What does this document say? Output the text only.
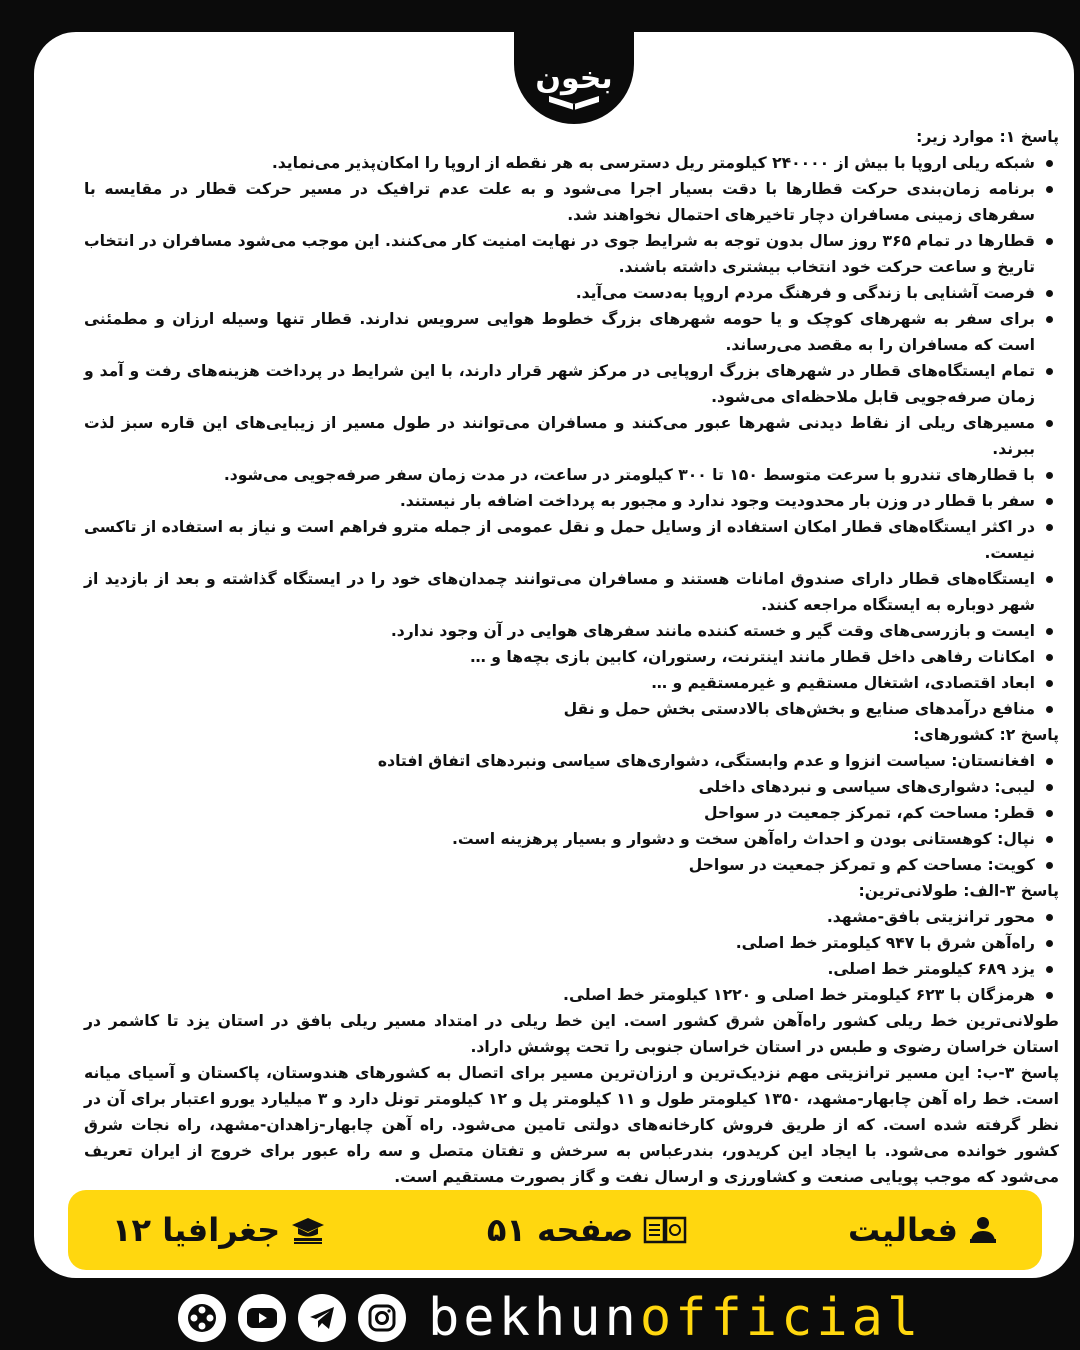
بخون

پاسخ ۱: موارد زیر:

شبکه ریلی اروپا با بیش از ۲۴۰۰۰۰ کیلومتر ریل دسترسی به هر نقطه از اروپا را امکان‌پذیر می‌نماید.
برنامه زمان‌بندی حرکت قطارها با دقت بسیار اجرا می‌شود و به علت عدم ترافیک در مسیر حرکت قطار در مقایسه با سفرهای زمینی مسافران دچار تاخیرهای احتمال نخواهند شد.
قطارها در تمام ۳۶۵ روز سال بدون توجه به شرایط جوی در نهایت امنیت کار می‌کنند. این موجب می‌شود مسافران در انتخاب تاریخ و ساعت حرکت خود انتخاب بیشتری داشته باشند.
فرصت آشنایی با زندگی و فرهنگ مردم اروپا به‌دست می‌آید.
برای سفر به شهرهای کوچک و یا حومه شهرهای بزرگ خطوط هوایی سرویس ندارند. قطار تنها وسیله ارزان و مطمئنی است که مسافران را به مقصد می‌رساند.
تمام ایستگاه‌های قطار در شهرهای بزرگ اروپایی در مرکز شهر قرار دارند، با این شرایط در پرداخت هزینه‌های رفت و آمد و زمان صرفه‌جویی قابل ملاحظه‌ای می‌شود.
مسیرهای ریلی از نقاط دیدنی شهرها عبور می‌کنند و مسافران می‌توانند در طول مسیر از زیبایی‌های این قاره سبز لذت ببرند.
با قطارهای تندرو با سرعت متوسط ۱۵۰ تا ۳۰۰ کیلومتر در ساعت، در مدت زمان سفر صرفه‌جویی می‌شود.
سفر با قطار در وزن بار محدودیت وجود ندارد و مجبور به پرداخت اضافه بار نیستند.
در اکثر ایستگاه‌های قطار امکان استفاده از وسایل حمل و نقل عمومی از جمله مترو فراهم است و نیاز به استفاده از تاکسی نیست.
ایستگاه‌های قطار دارای صندوق امانات هستند و مسافران می‌توانند چمدان‌های خود را در ایستگاه گذاشته و بعد از بازدید از شهر دوباره به ایستگاه مراجعه کنند.
ایست و بازرسی‌های وقت گیر و خسته کننده مانند سفرهای هوایی در آن وجود ندارد.
امکانات رفاهی داخل قطار مانند اینترنت، رستوران، کابین بازی بچه‌ها و …
ابعاد اقتصادی، اشتغال مستقیم و غیرمستقیم و …
منافع درآمدهای صنایع و بخش‌های بالادستی بخش حمل و نقل

پاسخ ۲: کشورهای:

افغانستان: سیاست انزوا و عدم وابستگی، دشواری‌های سیاسی ونبردهای اتفاق افتاده
لیبی: دشواری‌های سیاسی و نبردهای داخلی
قطر: مساحت کم، تمرکز جمعیت در سواحل
نپال: کوهستانی بودن و احداث راه‌آهن سخت و دشوار و بسیار پرهزینه است.
کویت: مساحت کم و تمرکز جمعیت در سواحل

پاسخ ۳-الف: طولانی‌ترین:

محور ترانزیتی بافق-مشهد.
راه‌آهن شرق با ۹۴۷ کیلومتر خط اصلی.
یزد ۶۸۹ کیلومتر خط اصلی.
هرمزگان با ۶۲۳ کیلومتر خط اصلی و ۱۲۲۰ کیلومتر خط اصلی.

طولانی‌ترین خط ریلی کشور راه‌آهن شرق کشور است. این خط ریلی در امتداد مسیر ریلی بافق در استان یزد تا کاشمر در استان خراسان رضوی و طبس در استان خراسان جنوبی را تحت پوشش داراد.

پاسخ ۳-ب: این مسیر ترانزیتی مهم نزدیک‌ترین و ارزان‌ترین مسیر برای اتصال به کشورهای هندوستان، پاکستان و آسیای میانه است. خط راه آهن چابهار-مشهد، ۱۳۵۰ کیلومتر طول و ۱۱ کیلومتر پل و ۱۲ کیلومتر تونل دارد و ۳ میلیارد یورو اعتبار برای آن در نظر گرفته شده است. که از طریق فروش کارخانه‌های دولتی تامین می‌شود. راه آهن چابهار-زاهدان-مشهد، راه نجات شرق کشور خوانده می‌شود. با ایجاد این کریدور، بندرعباس به سرخش و تفتان متصل و سه راه عبور برای خروج از ایران تعریف می‌شود که موجب پویایی صنعت و کشاورزی و ارسال نفت و گاز بصورت مستقیم است.

فعالیت
صفحه ۵۱
جغرافیا ۱۲
bekhunofficial
